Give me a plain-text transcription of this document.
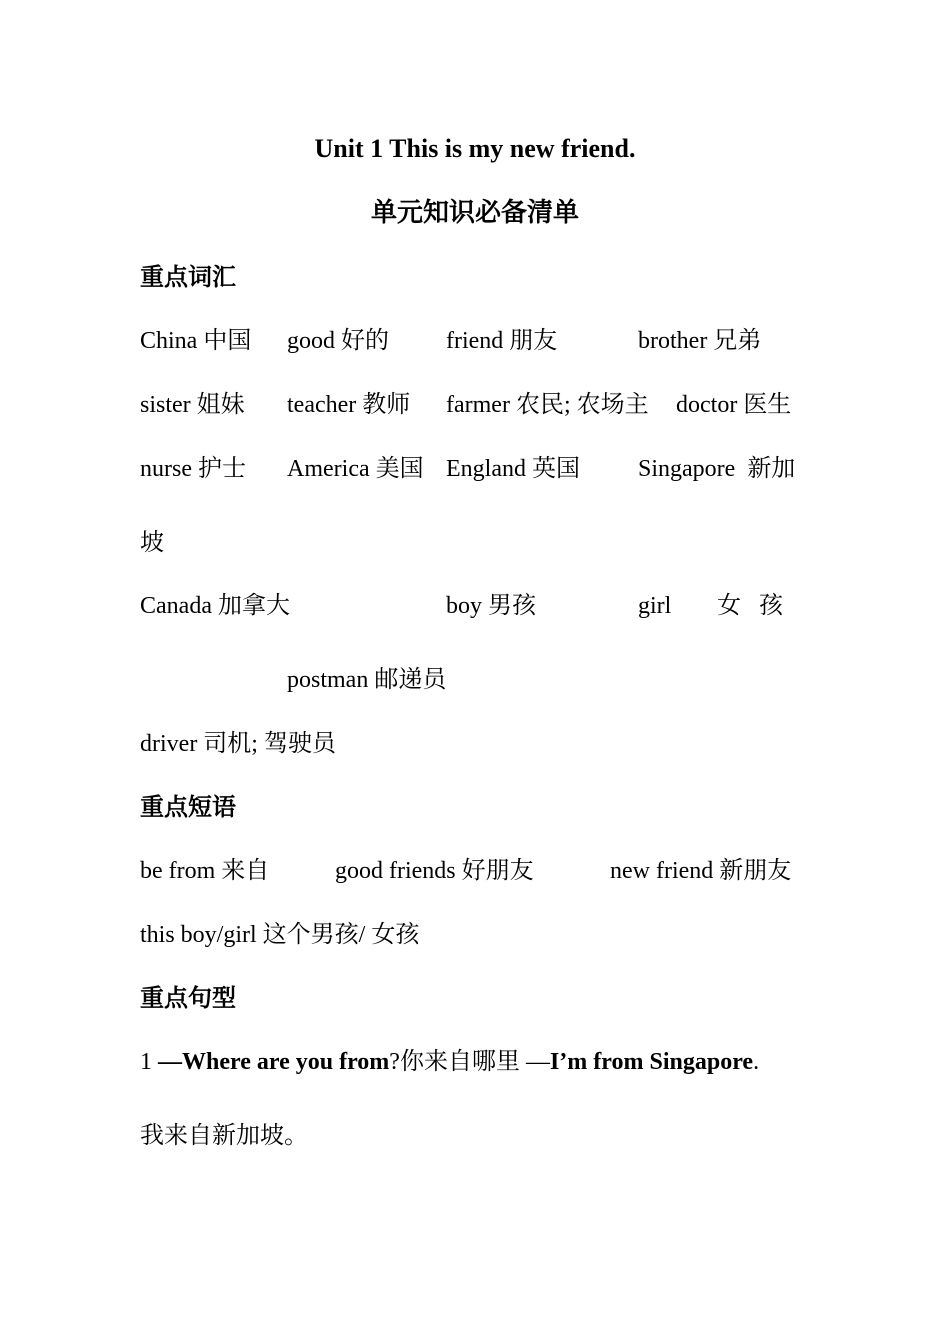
Unit 1 This is my new friend.
单元知识必备清单
重点词汇
China 中国 good 好的 friend 朋友	brother 兄弟
sister 姐妹 teacher 教师 farmer 农民; 农场主 doctor 医生
nurse 护士 America 美国 England 英国 Singapore  新加
坡
Canada 加拿大	boy 男孩	girl 女   孩
postman 邮递员
driver 司机; 驾驶员
重点短语
be from 来自	good friends 好朋友	new friend 新朋友
this boy/girl 这个男孩/ 女孩
重点句型
1 —Where are you from?你来自哪里 —I’m from Singapore.
我来自新加坡。
